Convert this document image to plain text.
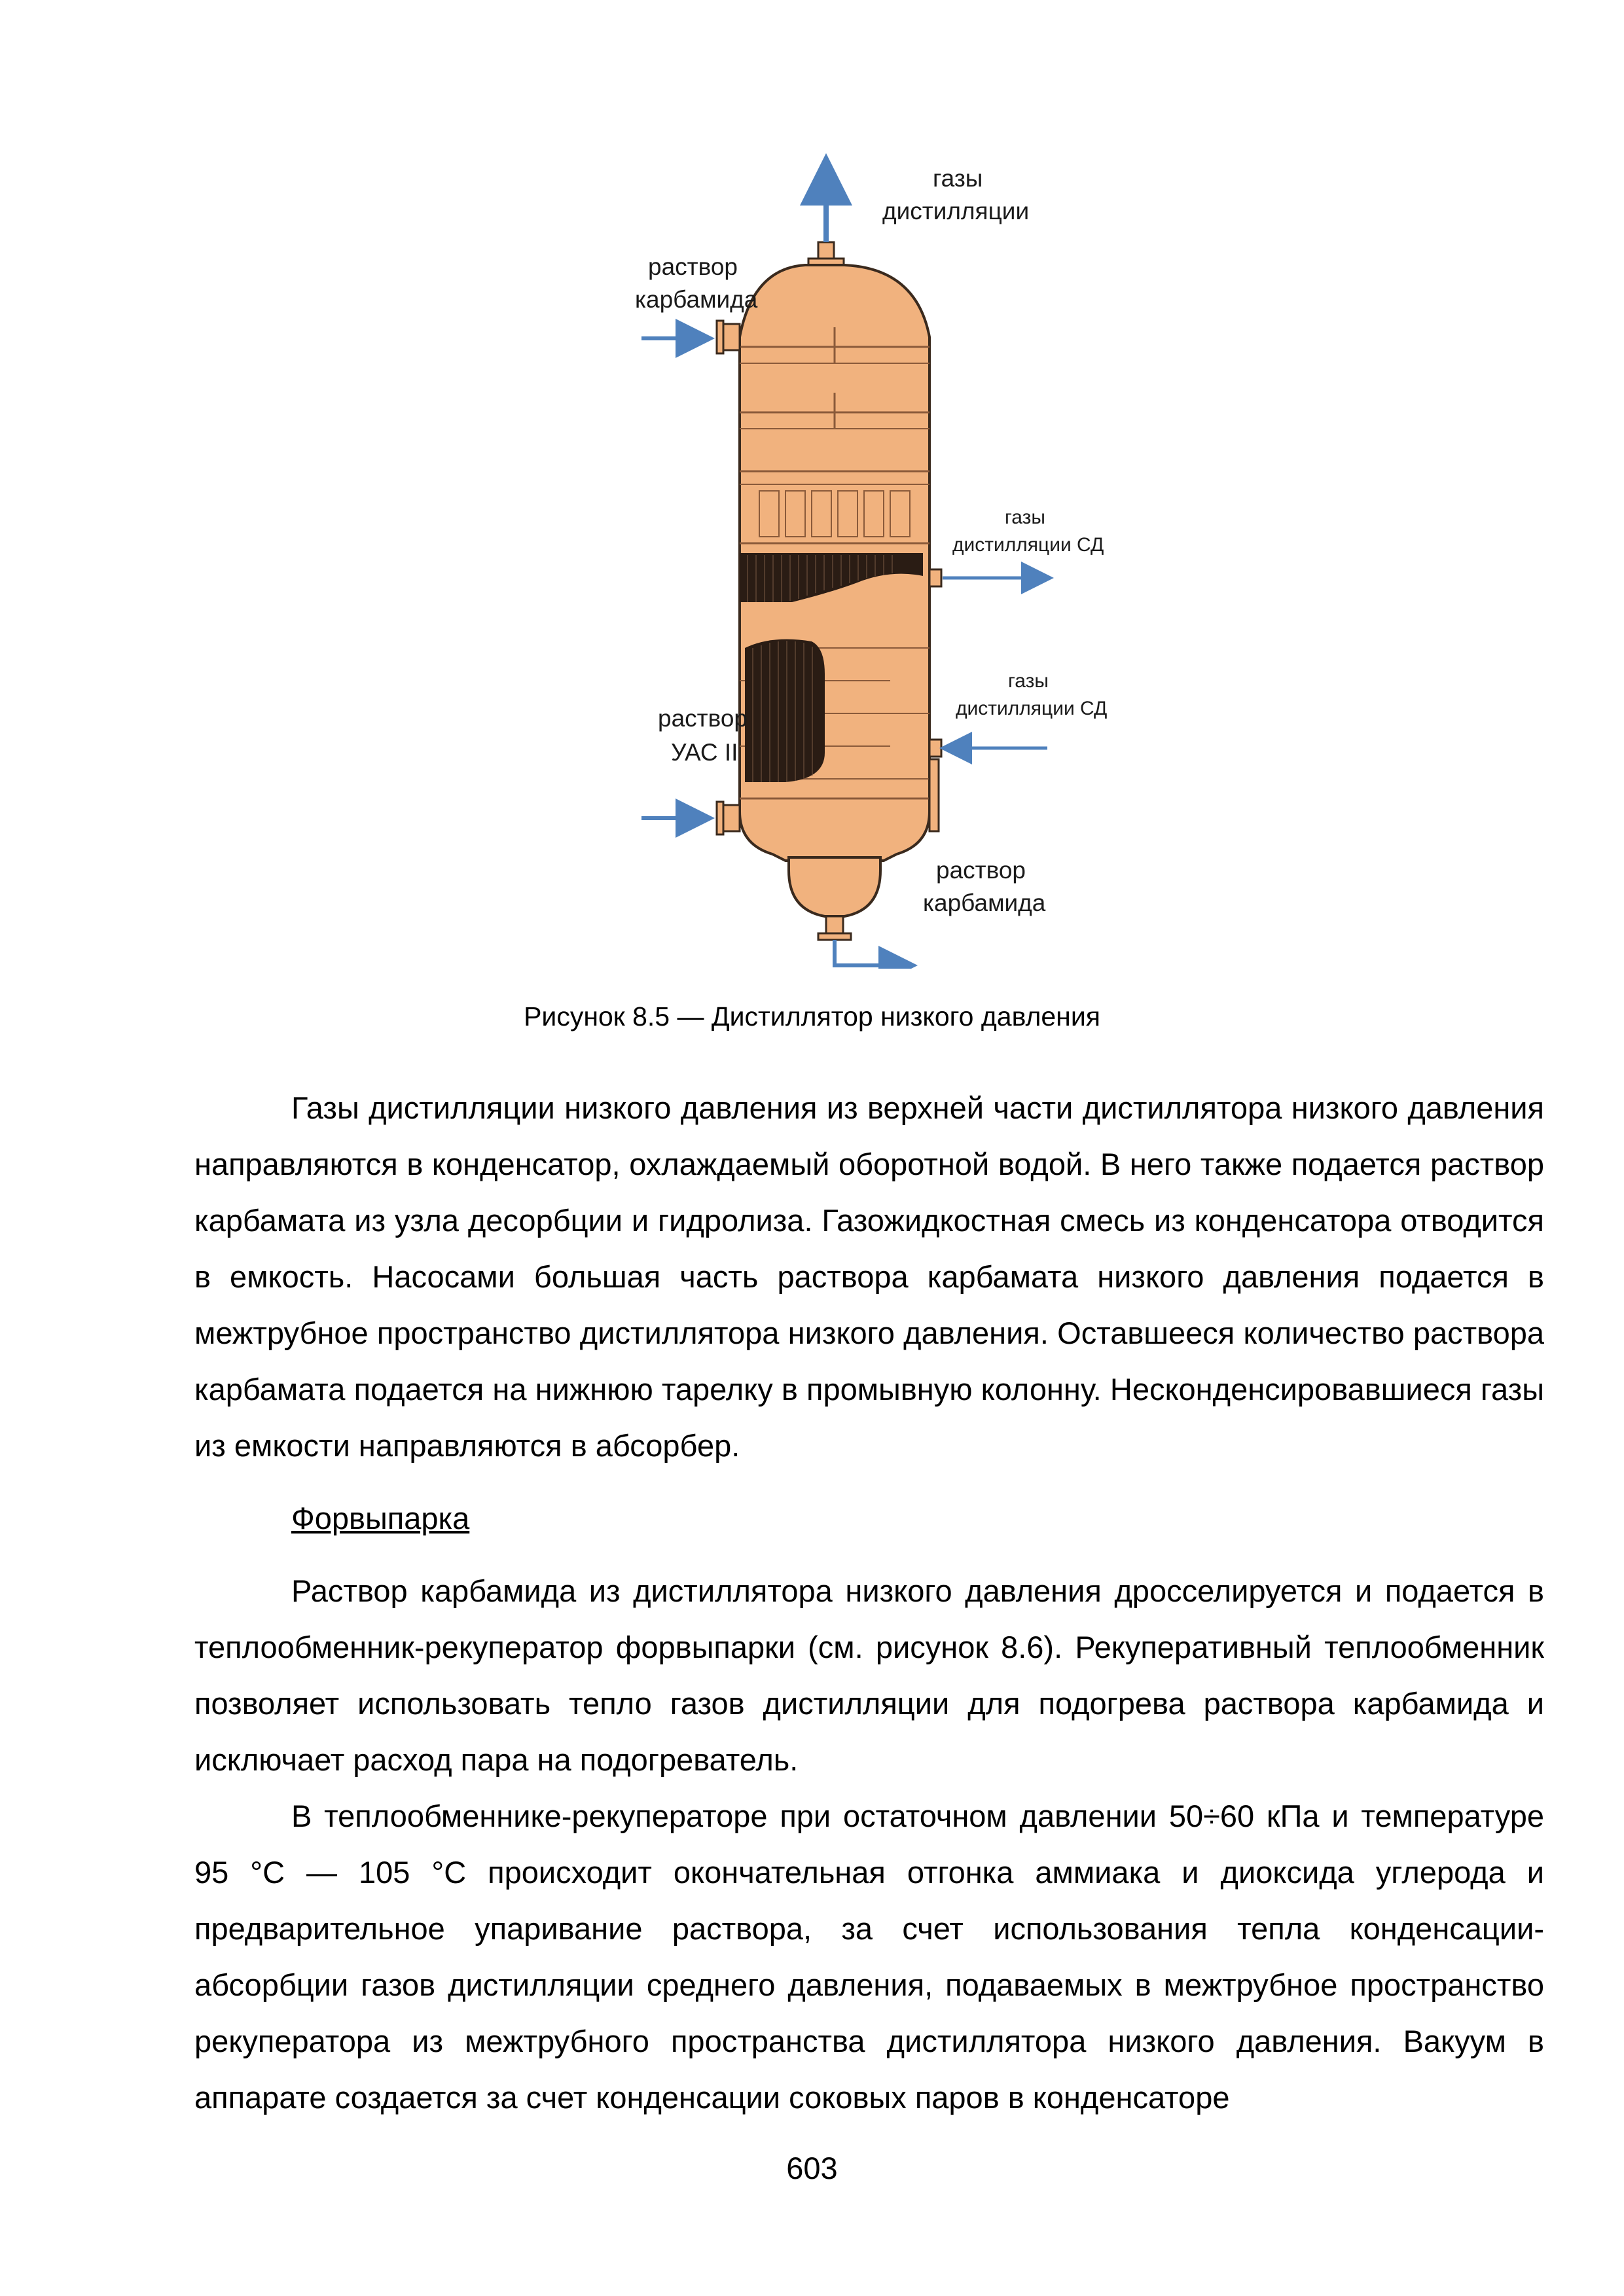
газы
дистилляции
раствор
карбамида
газы
дистилляции СД
газы
дистилляции СД
раствор
УАС II
раствор
карбамида
Рисунок 8.5 — Дистиллятор низкого давления

Газы дистилляции низкого давления из верхней части дистиллятора низкого давления направляются в конденсатор, охлаждаемый оборотной водой. В него также подается раствор карбамата из узла десорбции и гидролиза. Газожидкостная смесь из конденсатора отводится в емкость. Насосами большая часть раствора карбамата низкого давления подается в межтрубное пространство дистиллятора низкого давления. Оставшееся количество раствора карбамата подается на нижнюю тарелку в промывную колонну. Несконденсировавшиеся газы из емкости направляются в абсорбер.

Форвыпарка

Раствор карбамида из дистиллятора низкого давления дросселируется и подается в теплообменник-рекуператор форвыпарки (см. рисунок 8.6). Рекуперативный теплообменник позволяет использовать тепло газов дистилляции для подогрева раствора карбамида и исключает расход пара на подогреватель.

В теплообменнике-рекуператоре при остаточном давлении 50÷60 кПа и температуре 95 °С — 105 °С происходит окончательная отгонка аммиака и диоксида углерода и предварительное упаривание раствора, за счет использования тепла конденсации-абсорбции газов дистилляции среднего давления, подаваемых в межтрубное пространство рекуператора из межтрубного пространства дистиллятора низкого давления. Вакуум в аппарате создается за счет конденсации соковых паров в конденсаторе

603
